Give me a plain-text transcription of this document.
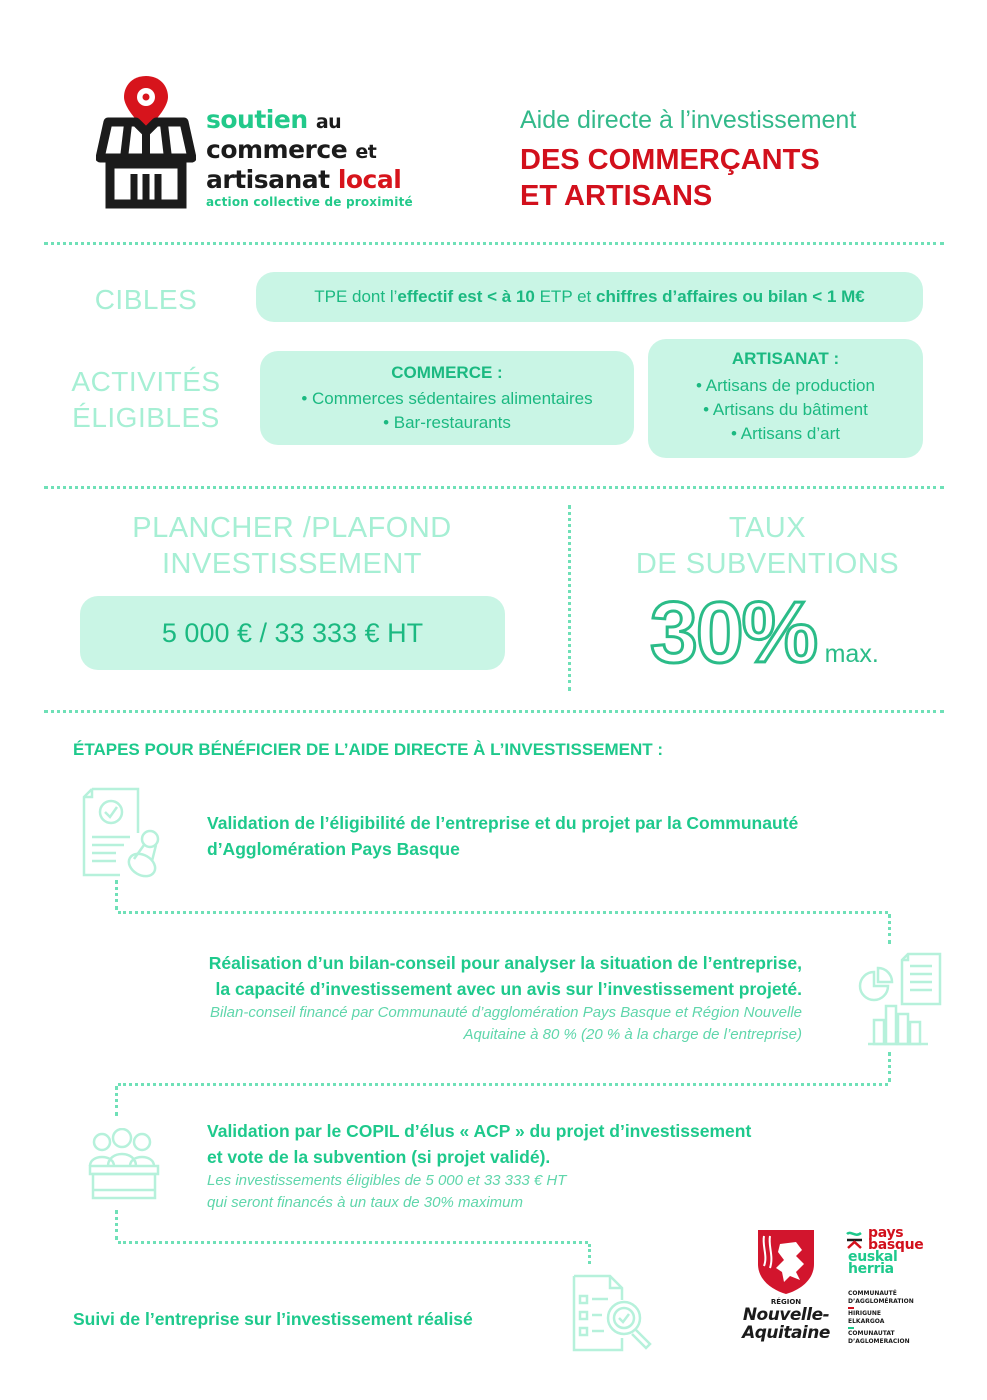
soutien au
commerce et
artisanat local
action collective de proximité
Aide directe à l’investissement
DES COMMERÇANTS
ET ARTISANS
CIBLES	TPE dont l’effectif est < à 10 ETP et chiffres d’affaires ou bilan < 1 M€
ACTIVITÉS
ÉLIGIBLES
COMMERCE :
• Commerces sédentaires alimentaires
• Bar-restaurants
ARTISANAT :
• Artisans de production
• Artisans du bâtiment
• Artisans d’art
PLANCHER /PLAFOND
INVESTISSEMENT
5 000 € / 33 333 € HT
TAUX
DE SUBVENTIONS
30% max.
ÉTAPES POUR BÉNÉFICIER DE L’AIDE DIRECTE À L’INVESTISSEMENT :
Validation de l’éligibilité de l’entreprise et du projet par la Communauté
d’Agglomération Pays Basque
Réalisation d’un bilan-conseil pour analyser la situation de l’entreprise,
la capacité d’investissement avec un avis sur l’investissement projeté.
Bilan-conseil financé par Communauté d’agglomération Pays Basque et Région Nouvelle
Aquitaine à 80 % (20 % à la charge de l’entreprise)
Validation par le COPIL d’élus « ACP » du projet d’investissement
et vote de la subvention (si projet validé).
Les investissements éligibles de 5 000 et 33 333 € HT
qui seront financés à un taux de 30% maximum
Suivi de l’entreprise sur l’investissement réalisé
RÉGION
Nouvelle-
Aquitaine
pays
basque
euskal
herria
COMMUNAUTÉ
D’AGGLOMÉRATION
HIRIGUNE
ELKARGOA
COMUNAUTAT
D’AGLOMERACION
